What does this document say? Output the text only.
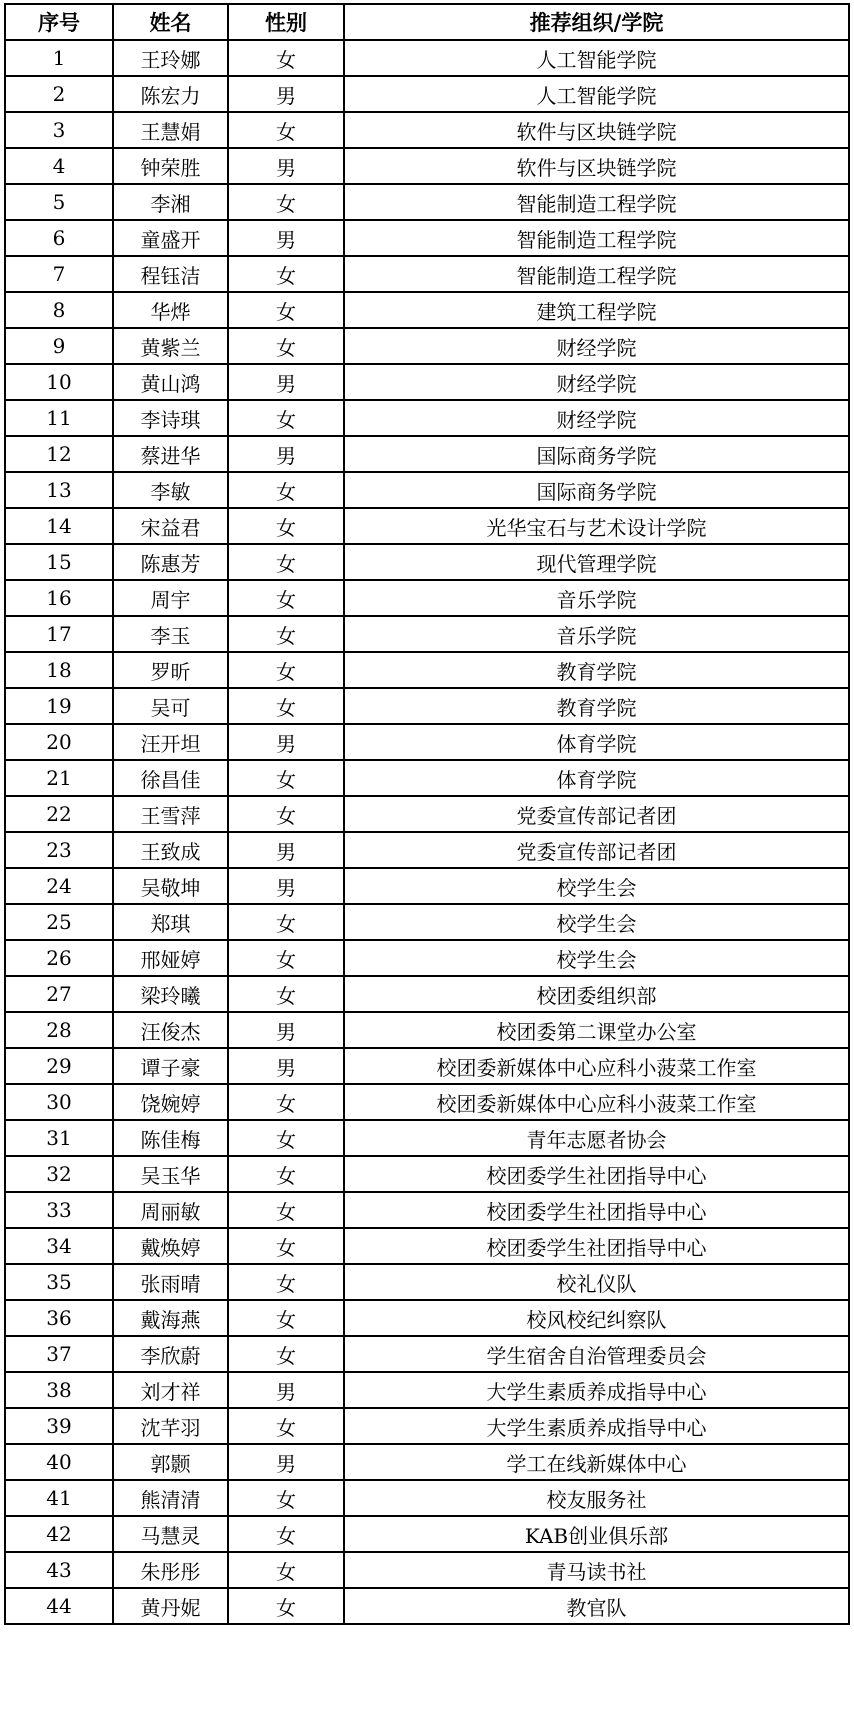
序号	姓名	性别	推荐组织/学院
1	王玲娜	女	人工智能学院
2	陈宏力	男	人工智能学院
3	王慧娟	女	软件与区块链学院
4	钟荣胜	男	软件与区块链学院
5	李湘	女	智能制造工程学院
6	童盛开	男	智能制造工程学院
7	程钰洁	女	智能制造工程学院
8	华烨	女	建筑工程学院
9	黄紫兰	女	财经学院
10	黄山鸿	男	财经学院
11	李诗琪	女	财经学院
12	蔡进华	男	国际商务学院
13	李敏	女	国际商务学院
14	宋益君	女	光华宝石与艺术设计学院
15	陈惠芳	女	现代管理学院
16	周宇	女	音乐学院
17	李玉	女	音乐学院
18	罗昕	女	教育学院
19	吴可	女	教育学院
20	汪开坦	男	体育学院
21	徐昌佳	女	体育学院
22	王雪萍	女	党委宣传部记者团
23	王致成	男	党委宣传部记者团
24	吴敬坤	男	校学生会
25	郑琪	女	校学生会
26	邢娅婷	女	校学生会
27	梁玲曦	女	校团委组织部
28	汪俊杰	男	校团委第二课堂办公室
29	谭子豪	男	校团委新媒体中心应科小菠菜工作室
30	饶婉婷	女	校团委新媒体中心应科小菠菜工作室
31	陈佳梅	女	青年志愿者协会
32	吴玉华	女	校团委学生社团指导中心
33	周丽敏	女	校团委学生社团指导中心
34	戴焕婷	女	校团委学生社团指导中心
35	张雨晴	女	校礼仪队
36	戴海燕	女	校风校纪纠察队
37	李欣蔚	女	学生宿舍自治管理委员会
38	刘才祥	男	大学生素质养成指导中心
39	沈芊羽	女	大学生素质养成指导中心
40	郭颢	男	学工在线新媒体中心
41	熊清清	女	校友服务社
42	马慧灵	女	KAB创业俱乐部
43	朱彤彤	女	青马读书社
44	黄丹妮	女	教官队
